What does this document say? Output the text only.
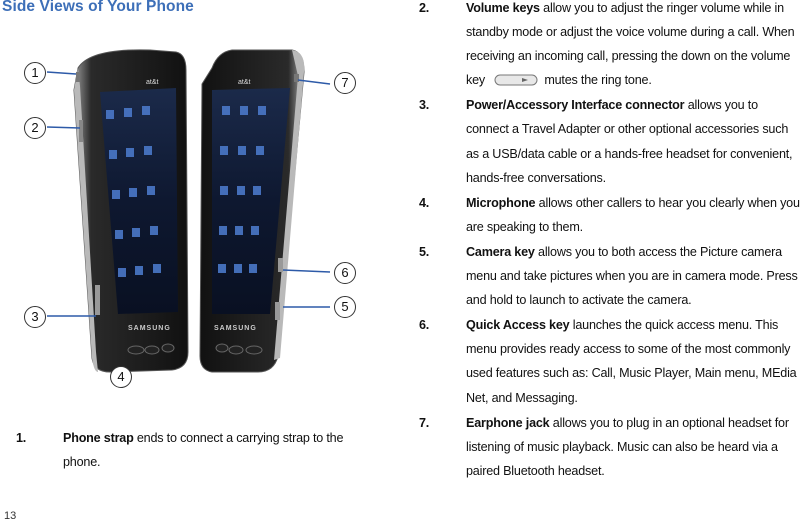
Side Views of Your Phone
at&t
SAMSUNG
at&t
SAMSUNG
1
2
3
4
5
6
7
1.	Phone strap ends to connect a carrying strap to the phone.
2.	Volume keys allow you to adjust the ringer volume while in standby mode or adjust the voice volume during a call. When receiving an incoming call, pressing the down on the volume key	mutes the ring tone.
3.	Power/Accessory Interface connector allows you to connect a Travel Adapter or other optional accessories such as a USB/data cable or a hands-free headset for convenient, hands-free conversations.
4.	Microphone allows other callers to hear you clearly when you are speaking to them.
5.	Camera key allows you to both access the Picture camera menu and take pictures when you are in camera mode. Press and hold to launch to activate the camera.
6.	Quick Access key launches the quick access menu. This menu provides ready access to some of the most commonly used features such as: Call, Music Player, Main menu, MEdia Net, and Messaging.
7.	Earphone jack allows you to plug in an optional headset for listening of music playback. Music can also be heard via a paired Bluetooth headset.
13
